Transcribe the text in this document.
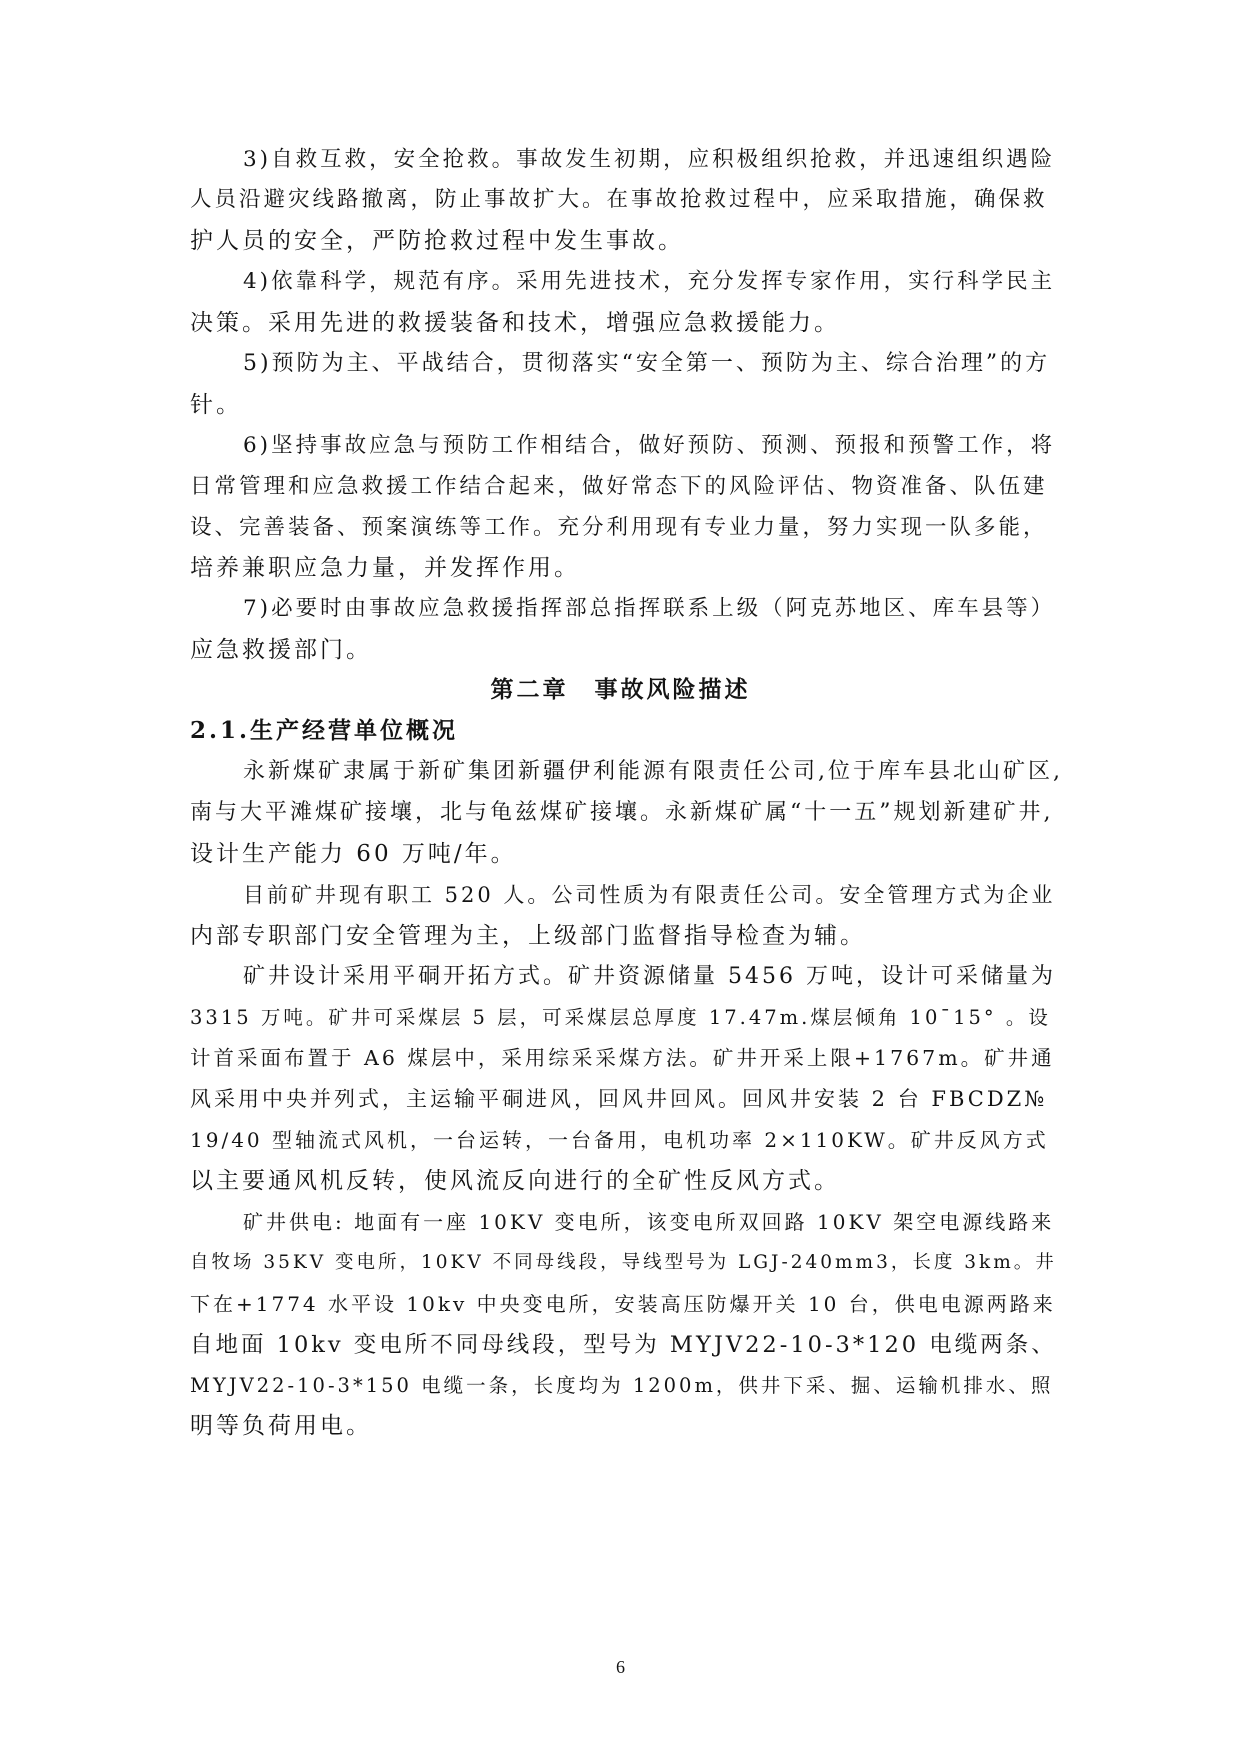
3)自救互救，安全抢救。事故发生初期，应积极组织抢救，并迅速组织遇险
人员沿避灾线路撤离，防止事故扩大。在事故抢救过程中，应采取措施，确保救
护人员的安全，严防抢救过程中发生事故。
4)依靠科学，规范有序。采用先进技术，充分发挥专家作用，实行科学民主
决策。采用先进的救援装备和技术，增强应急救援能力。
5)预防为主、平战结合，贯彻落实“安全第一、预防为主、综合治理”的方
针。
6)坚持事故应急与预防工作相结合，做好预防、预测、预报和预警工作，将
日常管理和应急救援工作结合起来，做好常态下的风险评估、物资准备、队伍建
设、完善装备、预案演练等工作。充分利用现有专业力量，努力实现一队多能，
培养兼职应急力量，并发挥作用。
7)必要时由事故应急救援指挥部总指挥联系上级（阿克苏地区、库车县等）
应急救援部门。
第二章　事故风险描述
2.1.生产经营单位概况
永新煤矿隶属于新矿集团新疆伊利能源有限责任公司,位于库车县北山矿区,
南与大平滩煤矿接壤，北与龟兹煤矿接壤。永新煤矿属“十一五”规划新建矿井,
设计生产能力 60 万吨/年。
目前矿井现有职工 520 人。公司性质为有限责任公司。安全管理方式为企业
内部专职部门安全管理为主，上级部门监督指导检查为辅。
矿井设计采用平硐开拓方式。矿井资源储量 5456 万吨，设计可采储量为
3315 万吨。矿井可采煤层 5 层，可采煤层总厚度 17.47m.煤层倾角 10¯15° 。设
计首采面布置于 A6 煤层中，采用综采采煤方法。矿井开采上限+1767m。矿井通
风采用中央并列式，主运输平硐进风，回风井回风。回风井安装 2 台 FBCDZ№
19/40 型轴流式风机，一台运转，一台备用，电机功率 2×110KW。矿井反风方式
以主要通风机反转，使风流反向进行的全矿性反风方式。
矿井供电: 地面有一座 10KV 变电所，该变电所双回路 10KV 架空电源线路来
自牧场 35KV 变电所，10KV 不同母线段，导线型号为 LGJ-240mm3，长度 3km。井
下在+1774 水平设 10kv 中央变电所，安装高压防爆开关 10 台，供电电源两路来
自地面 10kv 变电所不同母线段，型号为 MYJV22-10-3*120 电缆两条、
MYJV22-10-3*150 电缆一条，长度均为 1200m，供井下采、掘、运输机排水、照
明等负荷用电。
6
